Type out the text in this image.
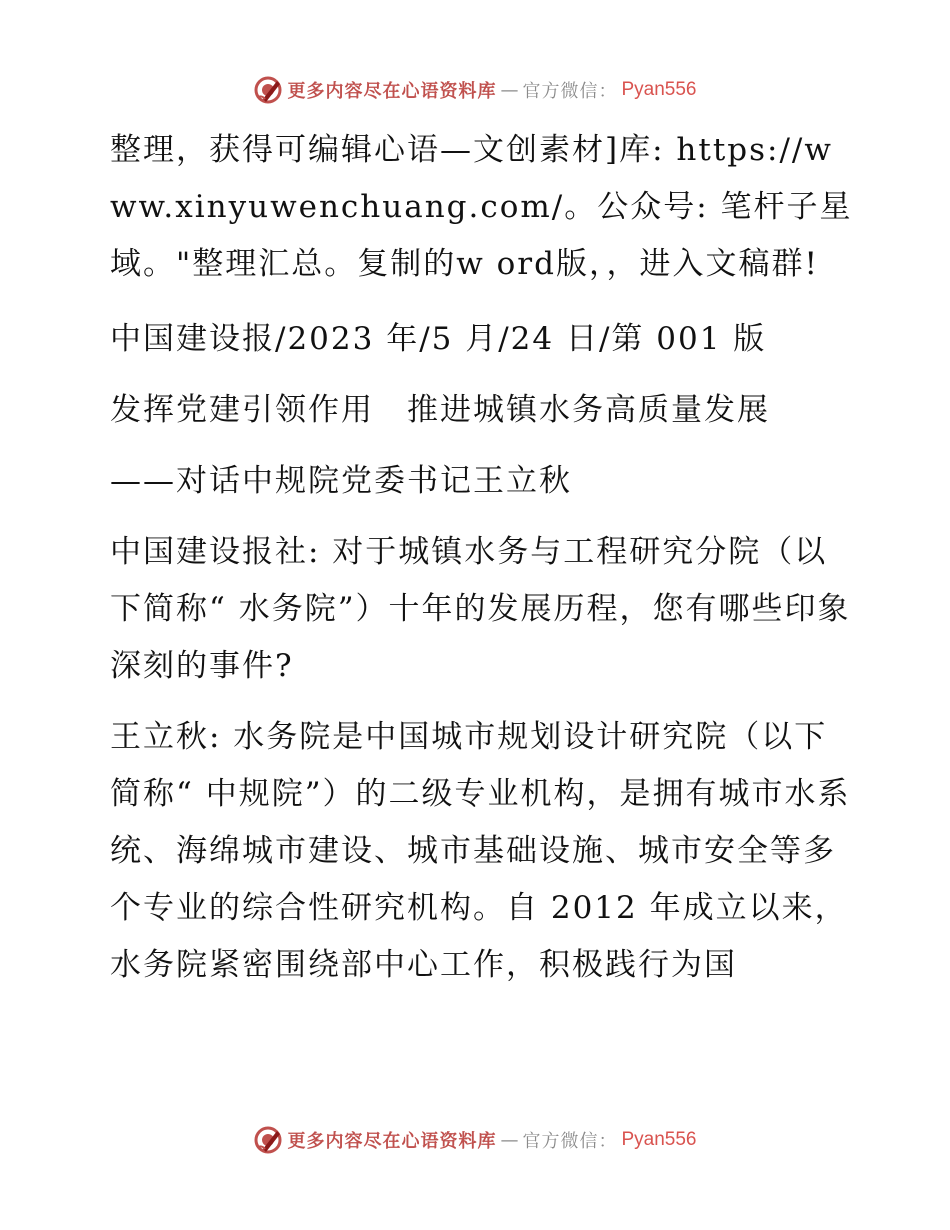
更多内容尽在心语资料库 — 官方微信： Pyan556

整理，获得可编辑心语—文创素材]库: https://www.xinyuwenchuang.com/。公众号: 笔杆子星域。"整理汇总。复制的w ord版，，进入文稿群!

中国建设报/2023 年/5 月/24 日/第 001 版

发挥党建引领作用　推进城镇水务高质量发展

——对话中规院党委书记王立秋

中国建设报社: 对于城镇水务与工程研究分院（以下简称“ 水务院”）十年的发展历程，您有哪些印象深刻的事件?

王立秋: 水务院是中国城市规划设计研究院（以下简称“ 中规院”）的二级专业机构，是拥有城市水系统、海绵城市建设、城市基础设施、城市安全等多个专业的综合性研究机构。自 2012 年成立以来，水务院紧密围绕部中心工作，积极践行为国

更多内容尽在心语资料库 — 官方微信： Pyan556
